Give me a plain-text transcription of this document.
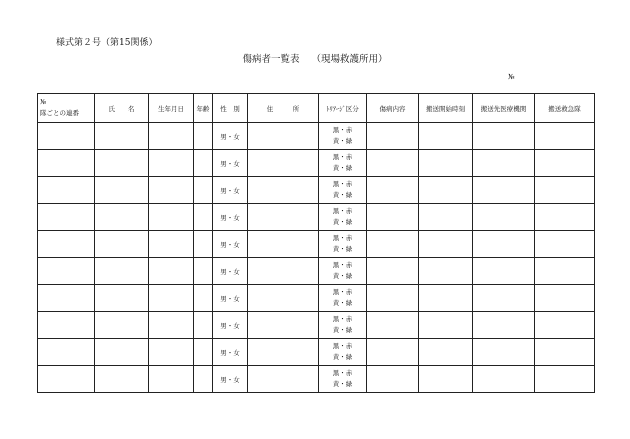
様式第２号（第15関係）
傷病者一覧表 （現場救護所用）
№
№
隊ごとの連番	氏　　名	生年月日	年齢	性　別	住　　　所	ﾄﾘｱｰｼﾞ区分	傷病内容	搬送開始時刻	搬送先医療機関	搬送救急隊
				男・女		黒・赤
黄・緑				

				男・女		黒・赤
黄・緑				

				男・女		黒・赤
黄・緑				

				男・女		黒・赤
黄・緑				

				男・女		黒・赤
黄・緑				

				男・女		黒・赤
黄・緑				

				男・女		黒・赤
黄・緑				

				男・女		黒・赤
黄・緑				

				男・女		黒・赤
黄・緑				

				男・女		黒・赤
黄・緑				
